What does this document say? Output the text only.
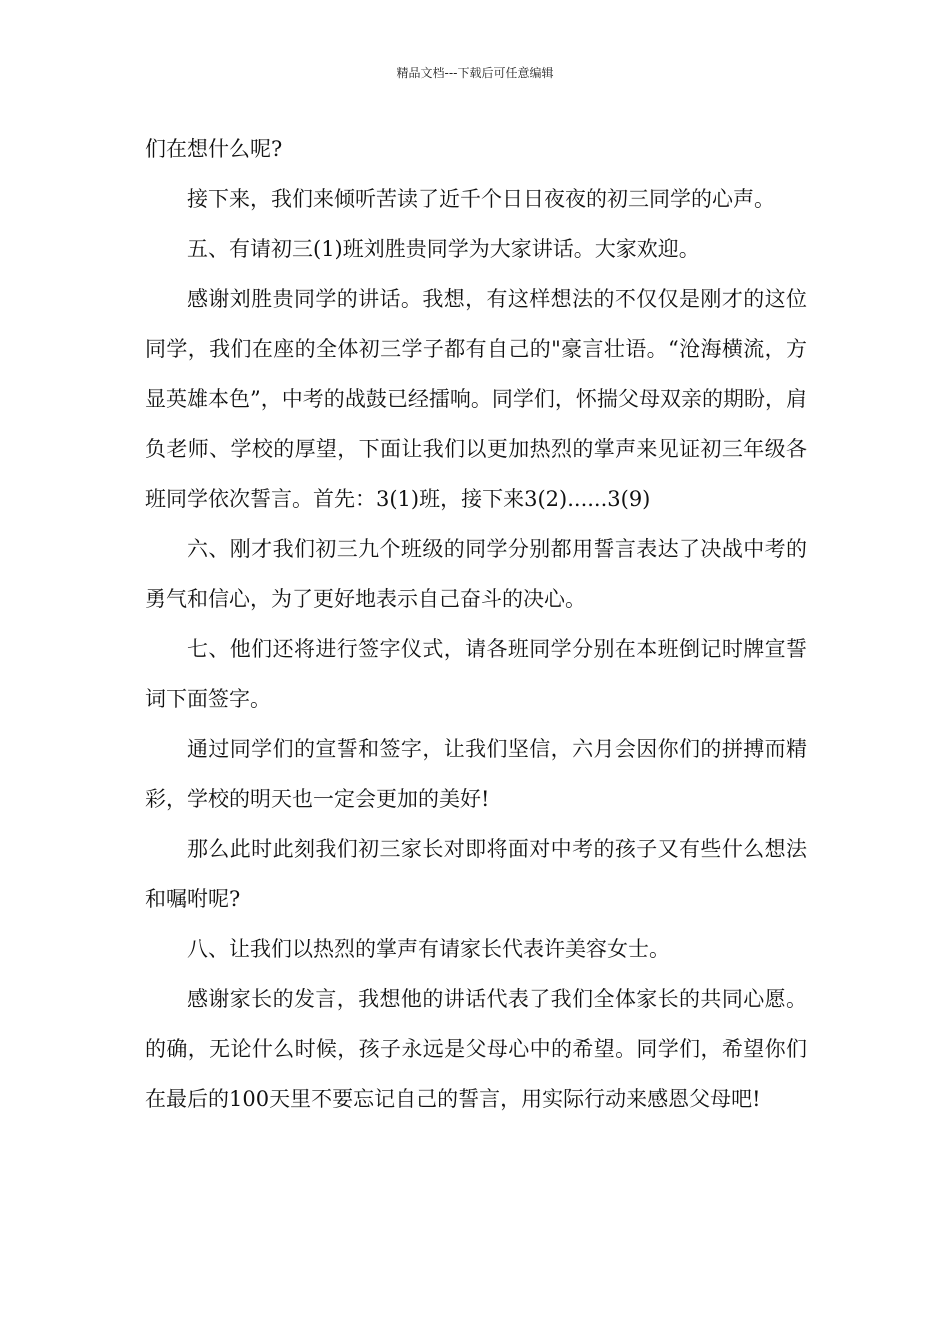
精品文档---下载后可任意编辑

们在想什么呢?

接下来，我们来倾听苦读了近千个日日夜夜的初三同学的心声。

五、有请初三(1)班刘胜贵同学为大家讲话。大家欢迎。

感谢刘胜贵同学的讲话。我想，有这样想法的不仅仅是刚才的这位同学，我们在座的全体初三学子都有自己的"豪言壮语。“沧海横流，方显英雄本色”，中考的战鼓已经擂响。同学们，怀揣父母双亲的期盼，肩负老师、学校的厚望，下面让我们以更加热烈的掌声来见证初三年级各班同学依次誓言。首先：3(1)班，接下来3(2)......3(9)

六、刚才我们初三九个班级的同学分别都用誓言表达了决战中考的勇气和信心，为了更好地表示自己奋斗的决心。

七、他们还将进行签字仪式，请各班同学分别在本班倒记时牌宣誓词下面签字。

通过同学们的宣誓和签字，让我们坚信，六月会因你们的拼搏而精彩，学校的明天也一定会更加的美好!

那么此时此刻我们初三家长对即将面对中考的孩子又有些什么想法和嘱咐呢?

八、让我们以热烈的掌声有请家长代表许美容女士。

感谢家长的发言，我想他的讲话代表了我们全体家长的共同心愿。的确，无论什么时候，孩子永远是父母心中的希望。同学们，希望你们在最后的100天里不要忘记自己的誓言，用实际行动来感恩父母吧!
